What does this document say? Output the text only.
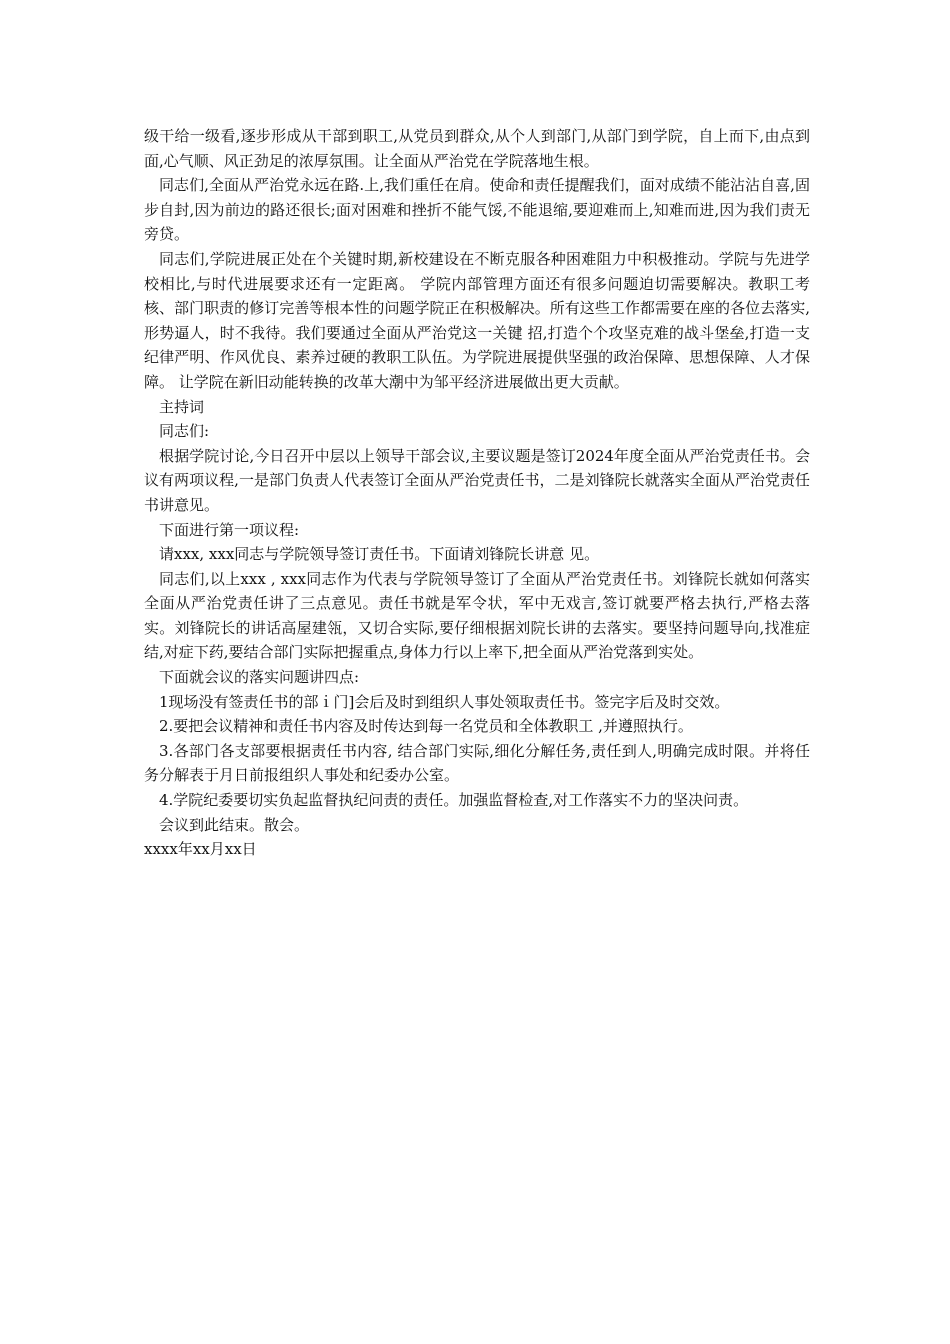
级干给一级看,逐步形成从干部到职工,从党员到群众,从个人到部门,从部门到学院，自上而下,由点到面,心气顺、风正劲足的浓厚氛围。让全面从严治党在学院落地生根。

同志们,全面从严治党永远在路.上,我们重任在肩。使命和责任提醒我们，面对成绩不能沾沾自喜,固步自封,因为前边的路还很长;面对困难和挫折不能气馁,不能退缩,要迎难而上,知难而进,因为我们责无旁贷。

同志们,学院进展正处在个关键时期,新校建设在不断克服各种困难阻力中积极推动。学院与先进学校相比,与时代进展要求还有一定距离。 学院内部管理方面还有很多问题迫切需要解决。教职工考核、部门职责的修订完善等根本性的问题学院正在积极解决。所有这些工作都需要在座的各位去落实, 形势逼人，时不我待。我们要通过全面从严治党这一关键 招,打造个个攻坚克难的战斗堡垒,打造一支纪律严明、作风优良、素养过硬的教职工队伍。为学院进展提供坚强的政治保障、思想保障、人才保障。 让学院在新旧动能转换的改革大潮中为邹平经济进展做出更大贡献。

主持词

同志们:

根据学院讨论,今日召开中层以上领导干部会议,主要议题是签订2024年度全面从严治党责任书。会议有两项议程,一是部门负责人代表签订全面从严治党责任书，二是刘锋院长就落实全面从严治党责任书讲意见。

下面进行第一项议程:

请xxx, xxx同志与学院领导签订责任书。下面请刘锋院长讲意 见。

同志们,以上xxx , xxx同志作为代表与学院领导签订了全面从严治党责任书。刘锋院长就如何落实全面从严治党责任讲了三点意见。责任书就是军令状，军中无戏言,签订就要严格去执行,严格去落实。刘锋院长的讲话高屋建瓴，又切合实际,要仔细根据刘院长讲的去落实。要坚持问题导向,找准症结,对症下药,要结合部门实际把握重点,身体力行以上率下,把全面从严治党落到实处。

下面就会议的落实问题讲四点:

1现场没有签责任书的部ｉ门]会后及时到组织人事处领取责任书。签完字后及时交效。

2.要把会议精神和责任书内容及时传达到每一名党员和全体教职工 ,并遵照执行。

3.各部门各支部要根据责任书内容, 结合部门实际,细化分解任务,责任到人,明确完成时限。并将任务分解表于月日前报组织人事处和纪委办公室。

4.学院纪委要切实负起监督执纪问责的责任。加强监督检查,对工作落实不力的坚决问责。

会议到此结束。散会。

xxxx年xx月xx日
